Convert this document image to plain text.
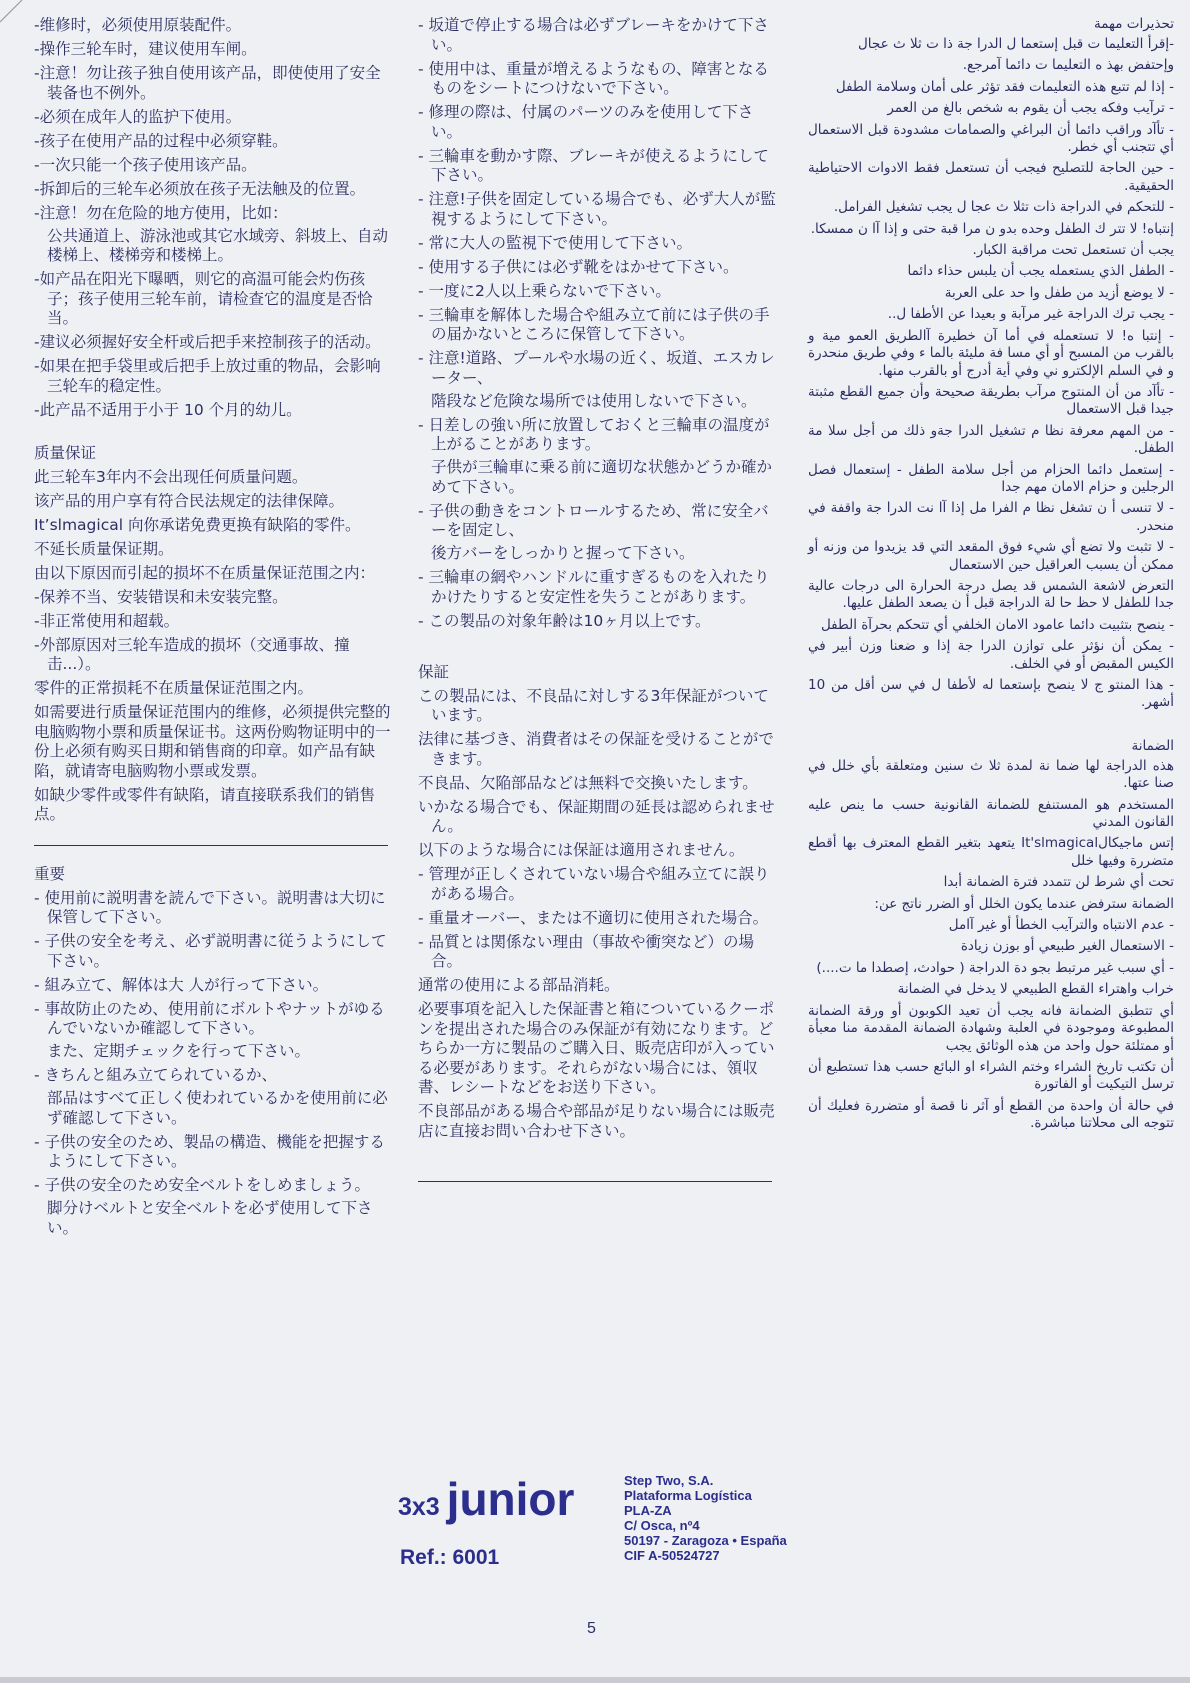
-维修时，必须使用原装配件。
-操作三轮车时，建议使用车闸。
-注意！勿让孩子独自使用该产品，即使使用了安全装备也不例外。
-必须在成年人的监护下使用。
-孩子在使用产品的过程中必须穿鞋。
-一次只能一个孩子使用该产品。
-拆卸后的三轮车必须放在孩子无法触及的位置。
-注意！勿在危险的地方使用，比如：
公共通道上、游泳池或其它水域旁、斜坡上、自动楼梯上、楼梯旁和楼梯上。
-如产品在阳光下曝晒，则它的高温可能会灼伤孩子；孩子使用三轮车前，请检查它的温度是否恰当。
-建议必须握好安全杆或后把手来控制孩子的活动。
-如果在把手袋里或后把手上放过重的物品，会影响三轮车的稳定性。
-此产品不适用于小于 10 个月的幼儿。
质量保证
此三轮车3年内不会出现任何质量问题。
该产品的用户享有符合民法规定的法律保障。
It’slmagical 向你承诺免费更换有缺陷的零件。
不延长质量保证期。
由以下原因而引起的损坏不在质量保证范围之内：
-保养不当、安装错误和未安装完整。
-非正常使用和超载。
-外部原因对三轮车造成的损坏（交通事故、撞击...）。
零件的正常损耗不在质量保证范围之内。
如需要进行质量保证范围内的维修，必须提供完整的电脑购物小票和质量保证书。这两份购物证明中的一份上必须有购买日期和销售商的印章。如产品有缺陷，就请寄电脑购物小票或发票。
如缺少零件或零件有缺陷，请直接联系我们的销售点。
重要
- 使用前に説明書を読んで下さい。説明書は大切に保管して下さい。
- 子供の安全を考え、必ず説明書に従うようにして下さい。
- 組み立て、解体は大 人が行って下さい。
- 事故防止のため、使用前にボルトやナットがゆるんでいないか確認して下さい。
また、定期チェックを行って下さい。
- きちんと組み立てられているか、
部品はすべて正しく使われているかを使用前に必ず確認して下さい。
- 子供の安全のため、製品の構造、機能を把握するようにして下さい。
- 子供の安全のため安全ベルトをしめましょう。
脚分けベルトと安全ベルトを必ず使用して下さい。
- 坂道で停止する場合は必ずブレーキをかけて下さい。
- 使用中は、重量が増えるようなもの、障害となるものをシートにつけないで下さい。
- 修理の際は、付属のパーツのみを使用して下さい。
- 三輪車を動かす際、ブレーキが使えるようにして下さい。
- 注意!子供を固定している場合でも、必ず大人が監視するようにして下さい。
- 常に大人の監視下で使用して下さい。
- 使用する子供には必ず靴をはかせて下さい。
- 一度に2人以上乗らないで下さい。
- 三輪車を解体した場合や組み立て前には子供の手の届かないところに保管して下さい。
- 注意!道路、プールや水場の近く、坂道、エスカレーター、
階段など危険な場所では使用しないで下さい。
- 日差しの強い所に放置しておくと三輪車の温度が上がることがあります。
子供が三輪車に乗る前に適切な状態かどうか確かめて下さい。
- 子供の動きをコントロールするため、常に安全バーを固定し、
後方バーをしっかりと握って下さい。
- 三輪車の網やハンドルに重すぎるものを入れたりかけたりすると安定性を失うことがあります。
- この製品の対象年齢は10ヶ月以上です。
保証
この製品には、不良品に対しする3年保証がついています。
法律に基づき、消費者はその保証を受けることができます。
不良品、欠陥部品などは無料で交換いたします。
いかなる場合でも、保証期間の延長は認められません。
以下のような場合には保証は適用されません。
- 管理が正しくされていない場合や組み立てに誤りがある場合。
- 重量オーバー、または不適切に使用された場合。
- 品質とは関係ない理由（事故や衝突など）の場合。
通常の使用による部品消耗。
必要事項を記入した保証書と箱についているクーポンを提出された場合のみ保証が有効になります。どちらか一方に製品のご購入日、販売店印が入っている必要があります。それらがない場合には、領収書、レシートなどをお送り下さい。
不良部品がある場合や部品が足りない場合には販売店に直接お問い合わせ下さい。
تحذيرات مهمة
-إقرأ التعليما ت قبل إستعما ل الدرا جة ذا ت ثلا ث عجال
وإحتفض بهذ ه التعليما ت دائما آمرجع.
- إذا لم تتبع هذه التعليمات فقد تؤثر على أمان وسلامة الطفل
- ترآيب وفكه يجب أن يقوم به شخص بالغ من العمر
- تأآد وراقب دائما أن البراغي والصمامات مشدودة قبل الاستعمال أي تتجنب أي خطر.
- حين الحاجة للتصليح فيجب أن تستعمل فقط الادوات الاحتياطية الحقيقية.
- للتحكم في الدراجة ذات تثلا ث عجا ل يجب تشغيل الفرامل.
إنتباه! لا تتر ك الطفل وحده بدو ن مرا قبة حتى و إذا آا ن ممسكا.
يجب أن تستعمل تحت مراقبة الكبار.
- الطفل الذي يستعمله يجب أن يلبس حذاء دائما
- لا يوضع أزيد من طفل وا حد على العربة
- يجب ترك الدراجة غير مرآبة و بعيدا عن الأطفا ل..
- إنتبا ه! لا تستعمله في أما آن خطيرة آالطريق العمو مية و بالقرب من المسبح أو أي مسا فة مليئة بالما ء وفي طريق منحدرة و في السلم الإلكترو ني وفي أية أدرج أو بالقرب منها.
- تأآد من أن المنتوج مرآب بطريقة صحيحة وأن جميع القطع مثبتة جيدا قبل الاستعمال
- من المهم معرفة نظا م تشغيل الدرا جةو ذلك من أجل سلا مة الطفل.
- إستعمل دائما الحزام من أجل سلامة الطفل - إستعمال فصل الرجلين و حزام الامان مهم جدا
- لا تنسى أ ن تشغل نظا م الفرا مل إذا آا نت الدرا جة واقفة في منحدر.
- لا تثبت ولا تضع أي شيء فوق المقعد التي قد يزيدوا من وزنه أو ممكن أن يسبب العراقيل حين الاستعمال
التعرض لاشعة الشمس قد يصل درجة الحرارة الى درجات عالية جدا للطفل لا حظ حا لة الدراجة قبل أ ن يصعد الطفل عليها.
- ينصح بتثبيت دائما عامود الامان الخلفي أي تتحكم بحرآة الطفل
- يمكن أن نؤثر على توازن الدرا جة إذا و ضعنا وزن أبير في الكيس المقبض أو في الخلف.
- هذا المنتو ج لا ينصح بإستعما له لأطفا ل في سن أقل من 10 أشهر.
الضمانة
هذه الدراجة لها ضما نة لمدة ثلا ث سنين ومتعلقة بأي خلل في صنا عتها.
المستخدم هو المستنفع للضمانة القانونية حسب ما ينص عليه القانون المدني
إتس ماجيكالIt'slmagical يتعهد بتغير القطع المعترف بها أقطع متضررة وفيها خلل
تحت أي شرط لن تتمدد فترة الضمانة أبدا
الضمانة سترفض عندما يكون الخلل أو الضرر ناتج عن:
- عدم الانتباه والترآيب الخطأ أو غير آامل
- الاستعمال الغير طبيعي أو بوزن زيادة
- أي سبب غير مرتبط بجو دة الدراجة ( حوادث، إصطدا ما ت....)
خراب واهتراء القطع الطبيعي لا يدخل في الضمانة
أي تتطبق الضمانة فانه يجب أن تعيد الكوبون أو ورقة الضمانة المطبوعة وموجودة في العلبة وشهادة الضمانة المقدمة منا معبأة أو ممتلئة حول واحد من هذه الوثائق يجب
أن تكتب تاريخ الشراء وختم الشراء او البائع حسب هذا تستطيع أن ترسل التيكيت أو الفاتورة
في حالة أن واحدة من القطع أو آثر نا قصة أو متضررة فعليك أن تتوجه الى محلاتنا مباشرة.
3x3 junior
Ref.: 6001
Step Two, S.A.
Plataforma Logística
PLA-ZA
C/ Osca, nº4
50197 - Zaragoza • España
CIF A-50524727
5
